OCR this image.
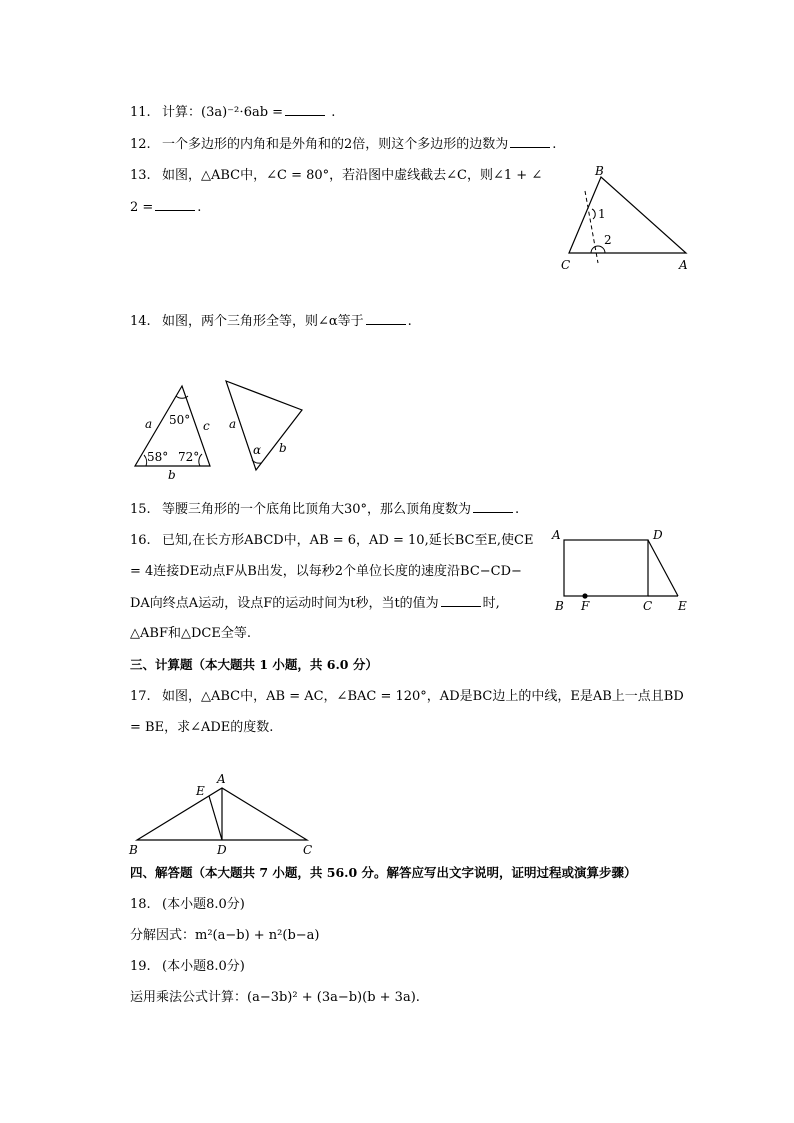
11. 计算：(3a)⁻²⋅6ab =	.
12. 一个多边形的内角和是外角和的2倍，则这个多边形的边数为	.
13. 如图，△ABC中，∠C = 80°，若沿图中虚线截去∠C，则∠1 + ∠
2 =	.
B
C	A
1
2
14. 如图，两个三角形全等，则∠α等于	.
a	c
b
50°
58° 72°
a
b
α
15. 等腰三角形的一个底角比顶角大30°，那么顶角度数为	.
16. 已知,在长方形ABCD中，AB = 6，AD = 10,延长BC至E,使CE
= 4连接DE动点F从B出发，以每秒2个单位长度的速度沿BC−CD−
DA向终点A运动，设点F的运动时间为t秒，当t的值为	时,
△ABF和△DCE全等.
A	D
B F	C E
三、计算题（本大题共 1 小题，共 6.0 分）
17. 如图，△ABC中，AB = AC，∠BAC = 120°，AD是BC边上的中线，E是AB上一点且BD
= BE，求∠ADE的度数.
A
E
B	D	C
四、解答题（本大题共 7 小题，共 56.0 分。解答应写出文字说明，证明过程或演算步骤）
18. (本小题8.0分)
分解因式：m²(a−b) + n²(b−a)
19. (本小题8.0分)
运用乘法公式计算：(a−3b)² + (3a−b)(b + 3a).
